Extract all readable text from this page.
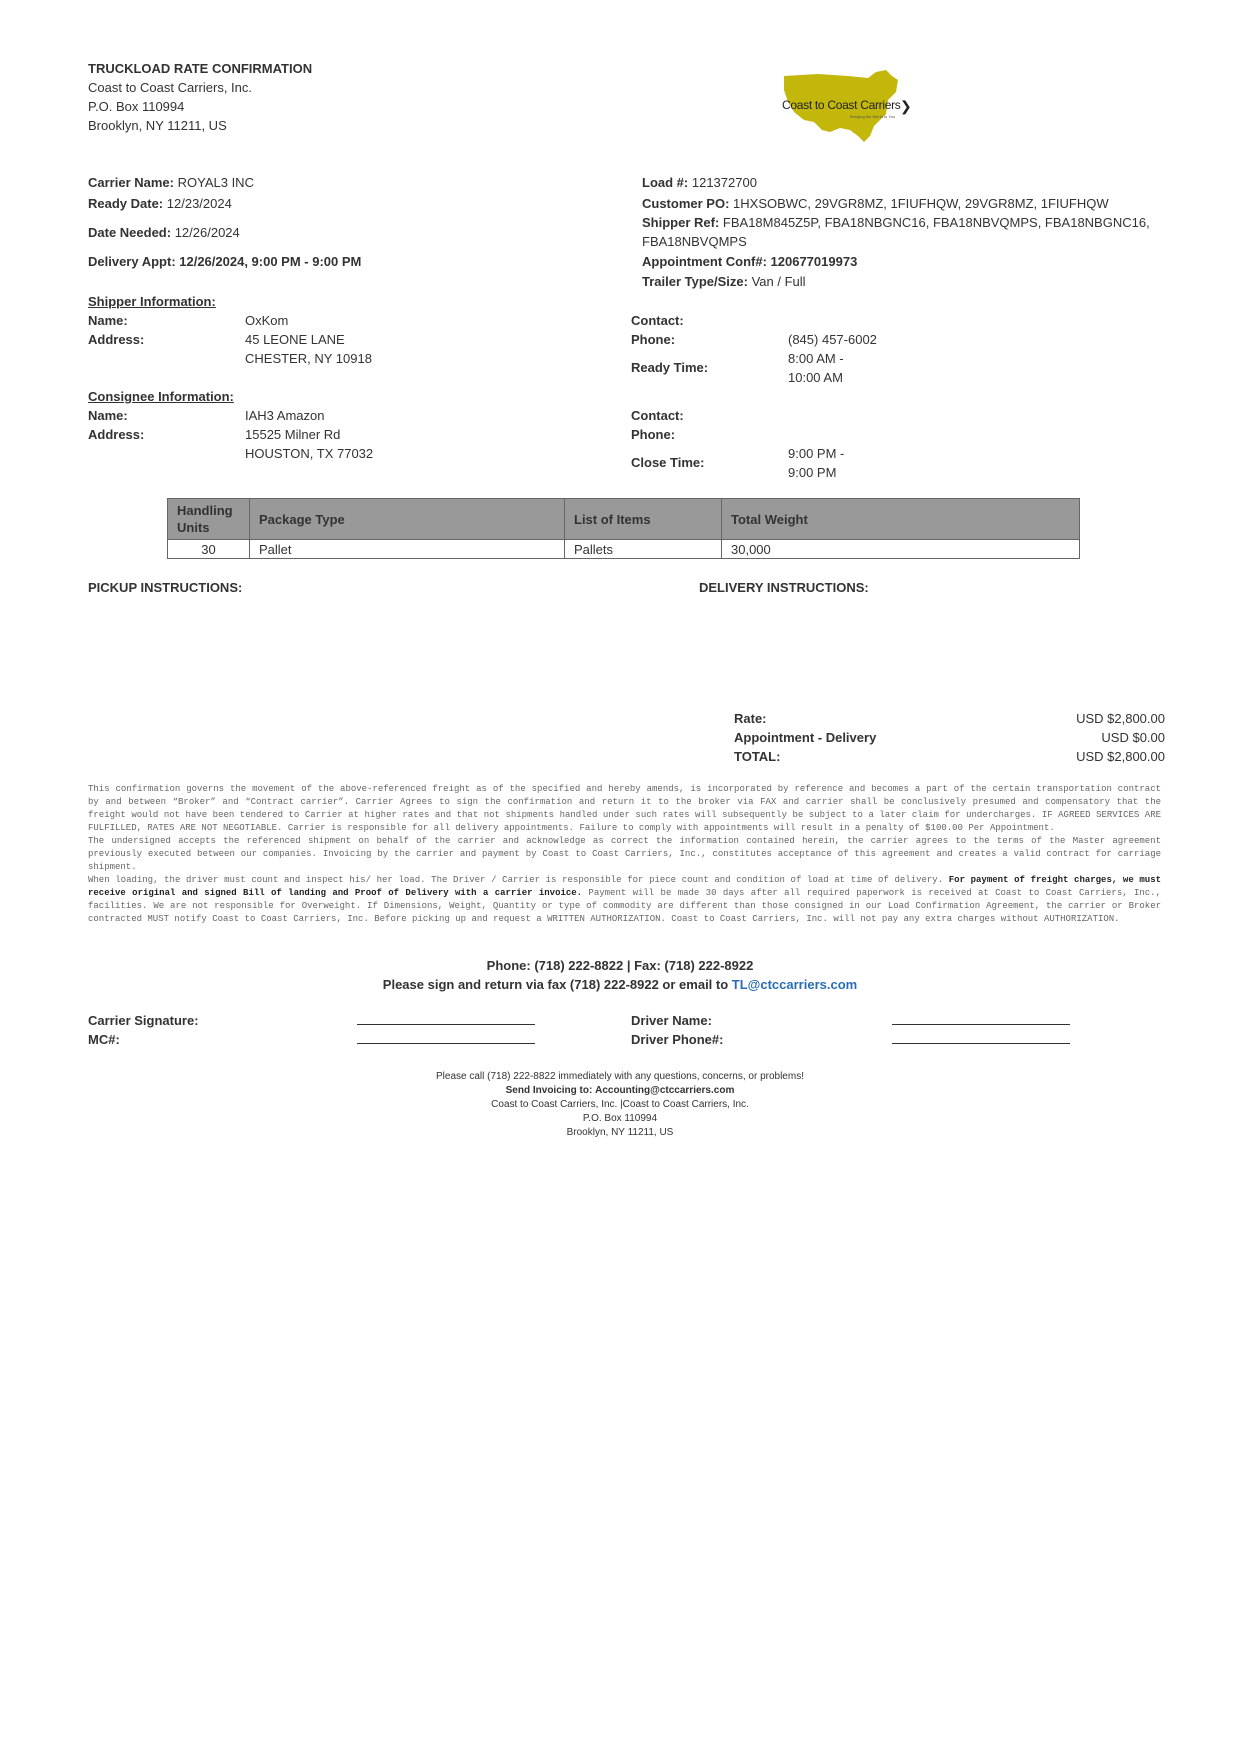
TRUCKLOAD RATE CONFIRMATION
Coast to Coast Carriers, Inc.
P.O. Box 110994
Brooklyn, NY 11211, US
Coast to Coast Carriers ❯
Bringing the World to You
Carrier Name: ROYAL3 INC
Ready Date: 12/23/2024
Date Needed: 12/26/2024
Delivery Appt: 12/26/2024, 9:00 PM - 9:00 PM
Load #: 121372700
Customer PO: 1HXSOBWC, 29VGR8MZ, 1FIUFHQW, 29VGR8MZ, 1FIUFHQW
Shipper Ref: FBA18M845Z5P, FBA18NBGNC16, FBA18NBVQMPS, FBA18NBGNC16,
FBA18NBVQMPS
Appointment Conf#: 120677019973
Trailer Type/Size: Van / Full
Shipper Information:
Name:	OxKom
Address:	45 LEONE LANE
CHESTER, NY 10918
Contact:
Phone:	(845) 457-6002
Ready Time:
8:00 AM -
10:00 AM
Consignee Information:
Name:	IAH3 Amazon
Address:	15525 Milner Rd
HOUSTON, TX 77032
Contact:
Phone:
Close Time:
9:00 PM -
9:00 PM
Handling Units	Package Type	List of Items	Total Weight
30	Pallet	Pallets	30,000
PICKUP INSTRUCTIONS:	DELIVERY INSTRUCTIONS:
Rate:	USD $2,800.00
Appointment - Delivery	USD $0.00
TOTAL:	USD $2,800.00

This confirmation governs the movement of the above-referenced freight as of the specified and hereby amends, is incorporated by reference and becomes a part of the certain transportation contract by and between “Broker” and “Contract carrier”. Carrier Agrees to sign the confirmation and return it to the broker via FAX and carrier shall be conclusively presumed and compensatory that the freight would not have been tendered to Carrier at higher rates and that not shipments handled under such rates will subsequently be subject to a later claim for undercharges. IF AGREED SERVICES ARE FULFILLED, RATES ARE NOT NEGOTIABLE. Carrier is responsible for all delivery appointments. Failure to comply with appointments will result in a penalty of $100.00 Per Appointment.

The undersigned accepts the referenced shipment on behalf of the carrier and acknowledge as correct the information contained herein, the carrier agrees to the terms of the Master agreement previously executed between our companies. Invoicing by the carrier and payment by Coast to Coast Carriers, Inc., constitutes acceptance of this agreement and creates a valid contract for carriage shipment.

When loading, the driver must count and inspect his/ her load. The Driver / Carrier is responsible for piece count and condition of load at time of delivery. For payment of freight charges, we must receive original and signed Bill of landing and Proof of Delivery with a carrier invoice. Payment will be made 30 days after all required paperwork is received at Coast to Coast Carriers, Inc., facilities. We are not responsible for Overweight. If Dimensions, Weight, Quantity or type of commodity are different than those consigned in our Load Confirmation Agreement, the carrier or Broker contracted MUST notify Coast to Coast Carriers, Inc. Before picking up and request a WRITTEN AUTHORIZATION. Coast to Coast Carriers, Inc. will not pay any extra charges without AUTHORIZATION.

Phone: (718) 222-8822 | Fax: (718) 222-8922
Please sign and return via fax (718) 222-8922 or email to TL@ctccarriers.com
Carrier Signature:
MC#:
Driver Name:
Driver Phone#:
Please call (718) 222-8822 immediately with any questions, concerns, or problems!
Send Invoicing to: Accounting@ctccarriers.com
Coast to Coast Carriers, Inc. |Coast to Coast Carriers, Inc.
P.O. Box 110994
Brooklyn, NY 11211, US
